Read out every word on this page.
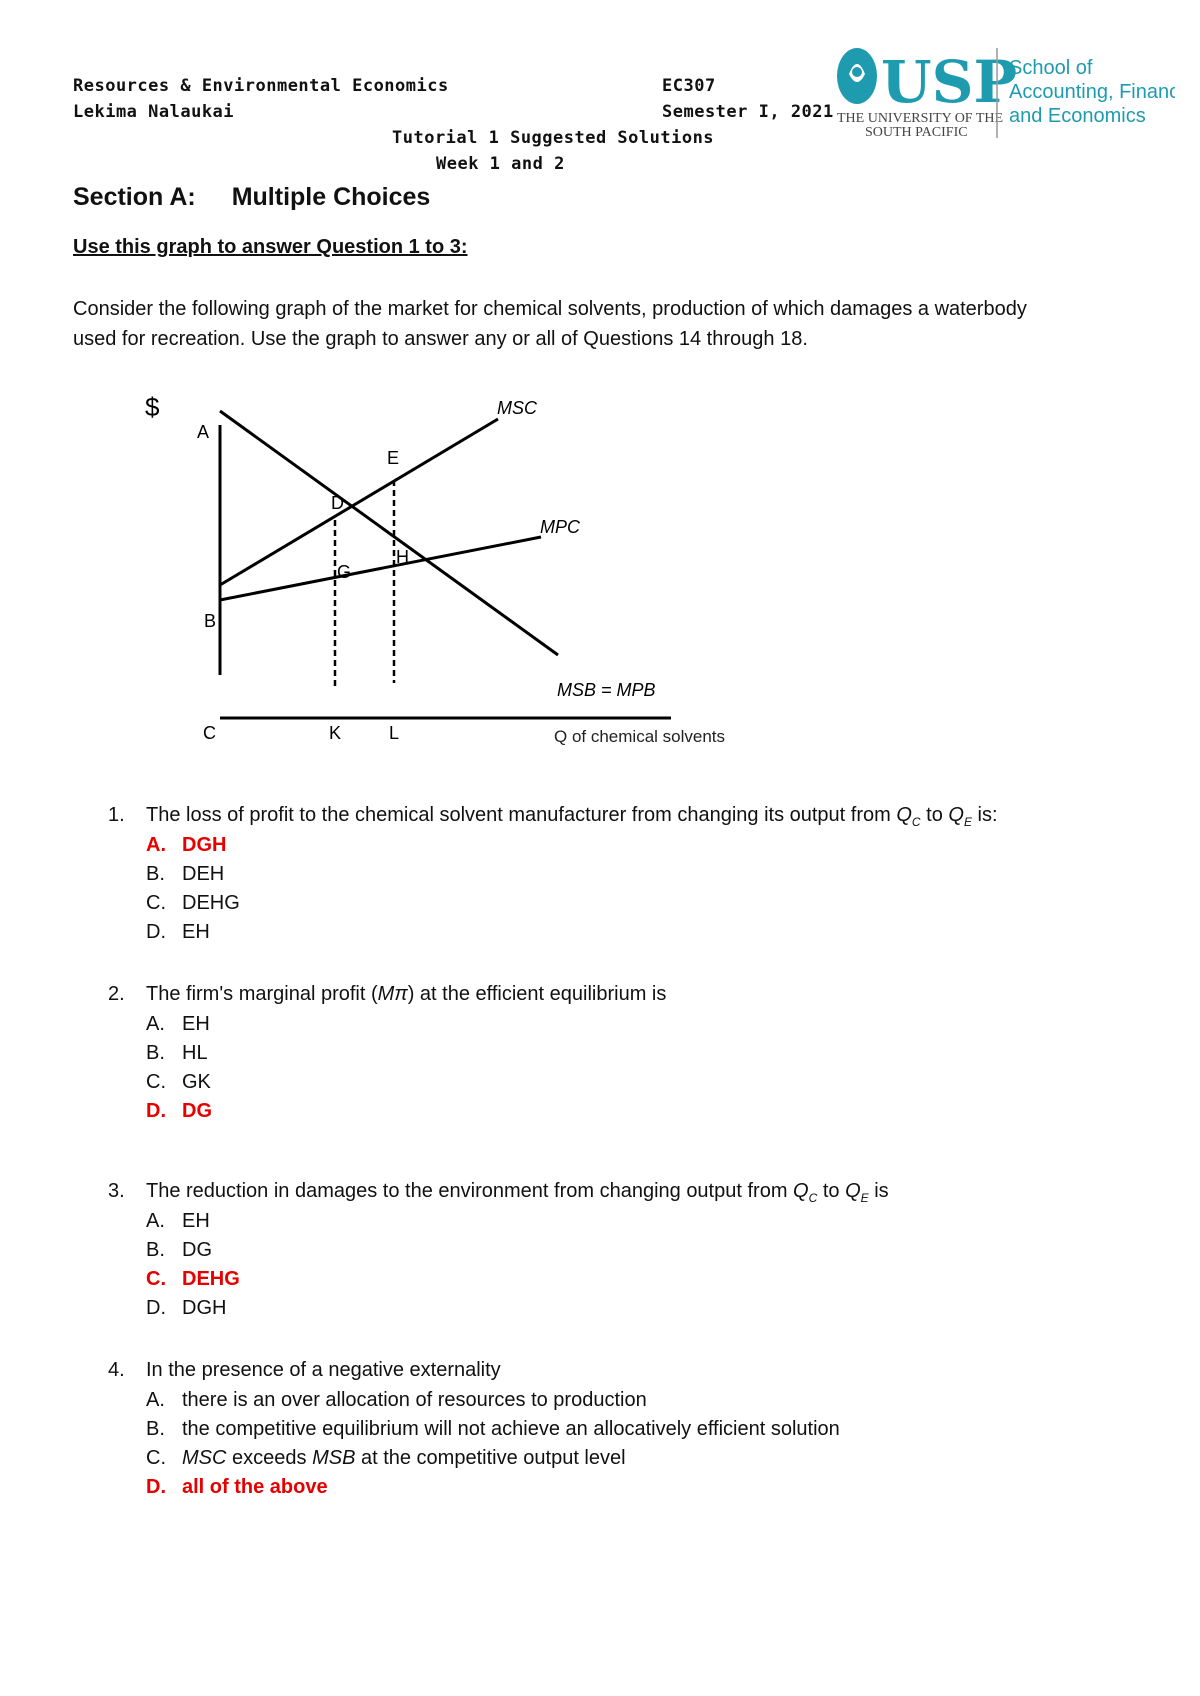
Resources & Environmental Economics
Lekima Nalaukai
EC307
Semester I, 2021
Tutorial 1 Suggested Solutions
Week 1 and 2
USP
THE UNIVERSITY OF THE
SOUTH PACIFIC
School of
Accounting, Finance
and Economics
Section A: Multiple Choices
Use this graph to answer Question 1 to 3:
Consider the following graph of the market for chemical solvents, production of which damages a waterbody
used for recreation. Use the graph to answer any or all of Questions 14 through 18.
$
A
B
C
D
E
G
H
K	L
MSC
MPC
MSB = MPB
Q of chemical solvents
1.	The loss of profit to the chemical solvent manufacturer from changing its output from $Q_C$ to $Q_E$ is:
A. DGH
B. DEH
C. DEHG
D. EH
2.	The firm's marginal profit (Mπ) at the efficient equilibrium is
A. EH
B. HL
C. GK
D. DG
3.	The reduction in damages to the environment from changing output from $Q_C$ to $Q_E$ is
A. EH
B. DG
C. DEHG
D. DGH
4.	In the presence of a negative externality
A. there is an over allocation of resources to production
B. the competitive equilibrium will not achieve an allocatively efficient solution
C. MSC exceeds MSB at the competitive output level
D. all of the above
